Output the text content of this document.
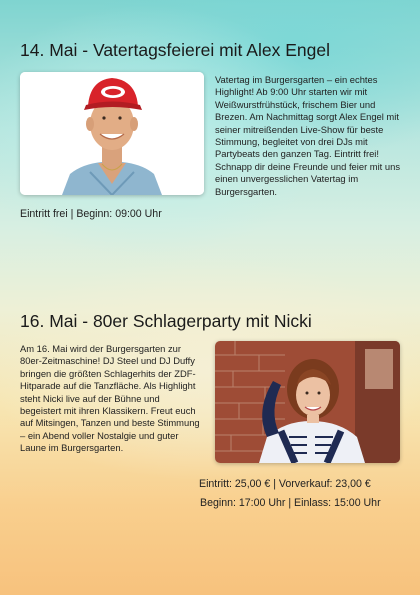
14. Mai - Vatertagsfeierei mit Alex Engel

Vatertag im Burgersgarten – ein echtes Highlight! Ab 9:00 Uhr starten wir mit Weißwurstfrühstück, frischem Bier und Brezen. Am Nachmittag sorgt Alex Engel mit seiner mitreißenden Live-Show für beste Stimmung, begleitet von drei DJs mit Partybeats den ganzen Tag. Eintritt frei! Schnapp dir deine Freunde und feier mit uns einen unvergesslichen Vatertag im Burgersgarten.

Eintritt frei | Beginn: 09:00 Uhr

16. Mai - 80er Schlagerparty mit Nicki

Am 16. Mai wird der Burgersgarten zur 80er-Zeitmaschine! DJ Steel und DJ Duffy bringen die größten Schlagerhits der ZDF-Hitparade auf die Tanzfläche. Als Highlight steht Nicki live auf der Bühne und begeistert mit ihren Klassikern. Freut euch auf Mitsingen, Tanzen und beste Stimmung – ein Abend voller Nostalgie und guter Laune im Burgersgarten.

Eintritt: 25,00 € | Vorverkauf: 23,00 €

Beginn: 17:00 Uhr | Einlass: 15:00 Uhr
